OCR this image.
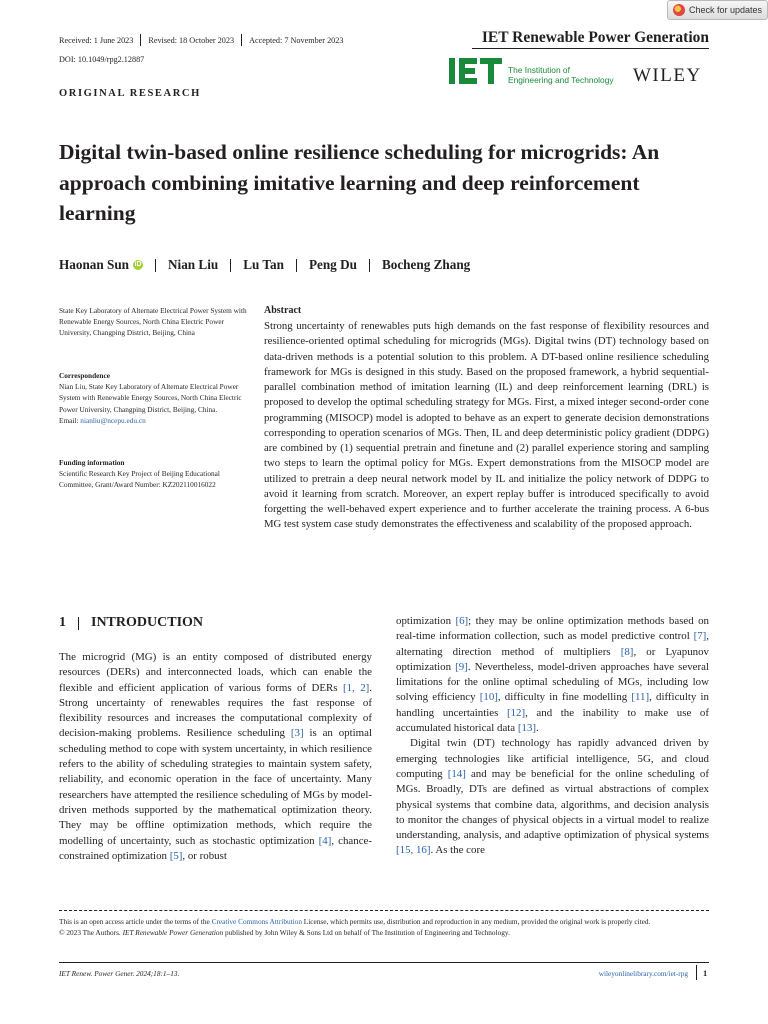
Check for updates
Received: 1 June 2023 Revised: 18 October 2023 Accepted: 7 November 2023
DOI: 10.1049/rpg2.12887
IET Renewable Power Generation
The Institution of
Engineering and Technology WILEY
ORIGINAL RESEARCH
Digital twin-based online resilience scheduling for microgrids: An approach combining imitative learning and deep reinforcement learning
Haonan Sun iD Nian Liu Lu Tan Peng Du Bocheng Zhang
State Key Laboratory of Alternate Electrical Power System with Renewable Energy Sources, North China Electric Power University, Changping District, Beijing, China
Correspondence
Nian Liu, State Key Laboratory of Alternate Electrical Power System with Renewable Energy Sources, North China Electric Power University, Changping District, Beijing, China.
Email: nianliu@ncepu.edu.cn
Funding information
Scientific Research Key Project of Beijing Educational Committee, Grant/Award Number: KZ202110016022
Abstract
Strong uncertainty of renewables puts high demands on the fast response of flexibility resources and resilience-oriented optimal scheduling for microgrids (MGs). Digital twins (DT) technology based on data-driven methods is a potential solution to this problem. A DT-based online resilience scheduling framework for MGs is designed in this study. Based on the proposed framework, a hybrid sequential-parallel combination method of imitation learning (IL) and deep reinforcement learning (DRL) is proposed to develop the optimal scheduling strategy for MGs. First, a mixed integer second-order cone programming (MISOCP) model is adopted to behave as an expert to generate decision demonstrations corresponding to operation scenarios of MGs. Then, IL and deep deterministic policy gradient (DDPG) are combined by (1) sequential pretrain and finetune and (2) parallel experience storing and sampling two steps to learn the optimal policy for MGs. Expert demonstrations from the MISOCP model are utilized to pretrain a deep neural network model by IL and initialize the policy network of DDPG to avoid it learning from scratch. Moreover, an expert replay buffer is introduced specifically to avoid forgetting the well-behaved expert experience and to further accelerate the training process. A 6-bus MG test system case study demonstrates the effectiveness and scalability of the proposed approach.
1 INTRODUCTION

The microgrid (MG) is an entity composed of distributed energy resources (DERs) and interconnected loads, which can enable the flexible and efficient application of various forms of DERs [1, 2]. Strong uncertainty of renewables requires the fast response of flexibility resources and increases the computational complexity of decision-making problems. Resilience scheduling [3] is an optimal scheduling method to cope with system uncertainty, in which resilience refers to the ability of scheduling strategies to maintain system safety, reliability, and economic operation in the face of uncertainty. Many researchers have attempted the resilience scheduling of MGs by model-driven methods supported by the mathematical optimization theory. They may be offline optimization methods, which require the modelling of uncertainty, such as stochastic optimization [4], chance-constrained optimization [5], or robust

optimization [6]; they may be online optimization methods based on real-time information collection, such as model predictive control [7], alternating direction method of multipliers [8], or Lyapunov optimization [9]. Nevertheless, model-driven approaches have several limitations for the online optimal scheduling of MGs, including low solving efficiency [10], difficulty in fine modelling [11], difficulty in handling uncertainties [12], and the inability to make use of accumulated historical data [13].

Digital twin (DT) technology has rapidly advanced driven by emerging technologies like artificial intelligence, 5G, and cloud computing [14] and may be beneficial for the online scheduling of MGs. Broadly, DTs are defined as virtual abstractions of complex physical systems that combine data, algorithms, and decision analysis to monitor the changes of physical objects in a virtual model to realize understanding, analysis, and adaptive optimization of physical systems [15, 16]. As the core

This is an open access article under the terms of the Creative Commons Attribution License, which permits use, distribution and reproduction in any medium, provided the original work is properly cited.

© 2023 The Authors. IET Renewable Power Generation published by John Wiley & Sons Ltd on behalf of The Institution of Engineering and Technology.

IET Renew. Power Gener. 2024;18:1–13.	wileyonlinelibrary.com/iet-rpg 1
